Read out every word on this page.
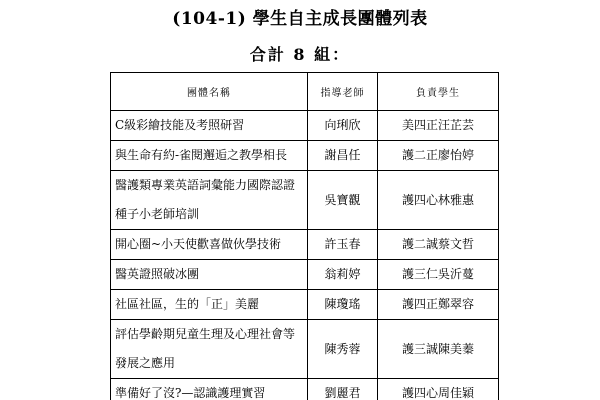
(104-1) 學生自主成長團體列表
合計 8 組：
團體名稱	指導老師	負責學生
C級彩繪技能及考照研習	向琍欣	美四正汪芷芸
與生命有約-雀閱邂逅之教學相長	謝昌任	護二正廖怡婷
醫護類專業英語詞彙能力國際認證種子小老師培訓	吳寶觀	護四心林雅惠
開心圈~小天使歡喜做伙學技術	許玉春	護二誠蔡文哲
醫英證照破冰團	翁莉婷	護三仁吳沂蔓
社區社區，生的「正」美麗	陳瓊瑤	護四正鄭翠容
評估學齡期兒童生理及心理社會等發展之應用	陳秀蓉	護三誠陳美蓁
準備好了沒?—認識護理實習	劉麗君	護四心周佳穎
